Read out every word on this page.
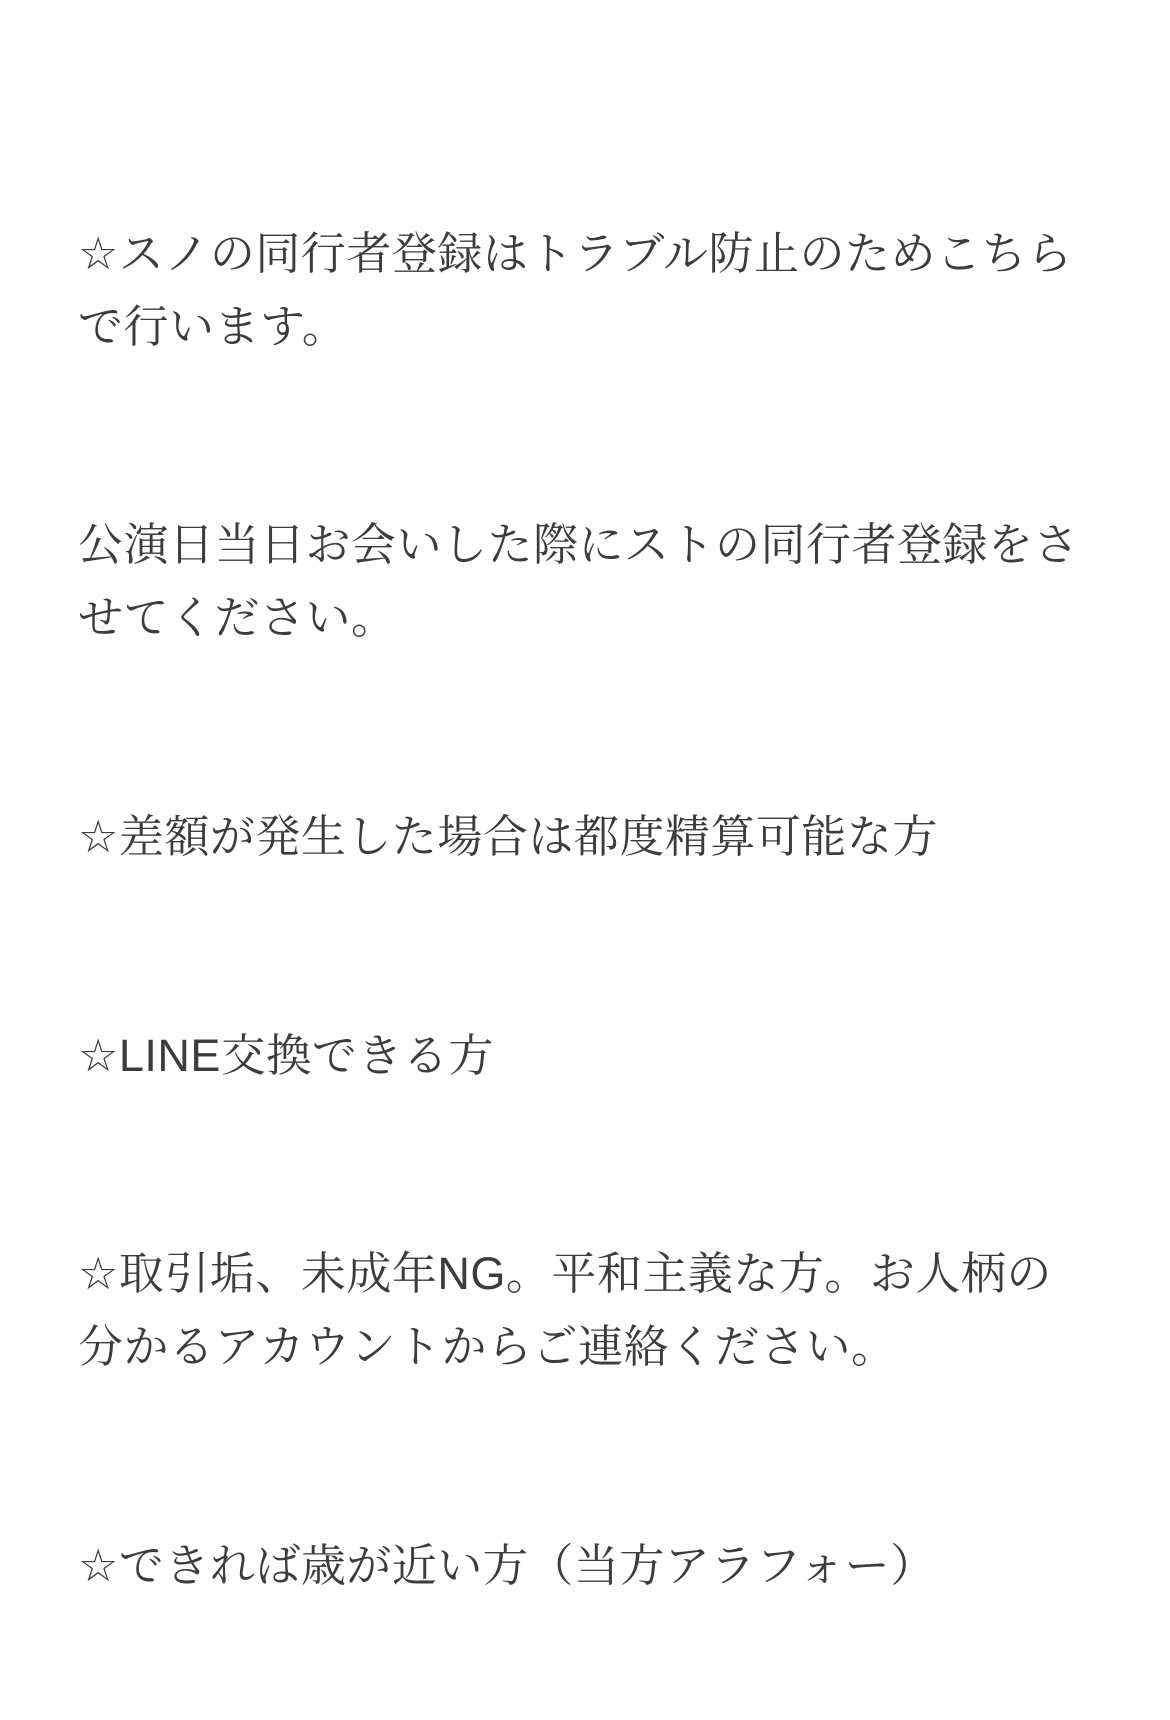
☆スノの同行者登録はトラブル防止のためこちらで行います。

公演日当日お会いした際にストの同行者登録をさせてください。

☆差額が発生した場合は都度精算可能な方

☆LINE交換できる方

☆取引垢、未成年NG。平和主義な方。お人柄の分かるアカウントからご連絡ください。

☆できれば歳が近い方（当方アラフォー）
